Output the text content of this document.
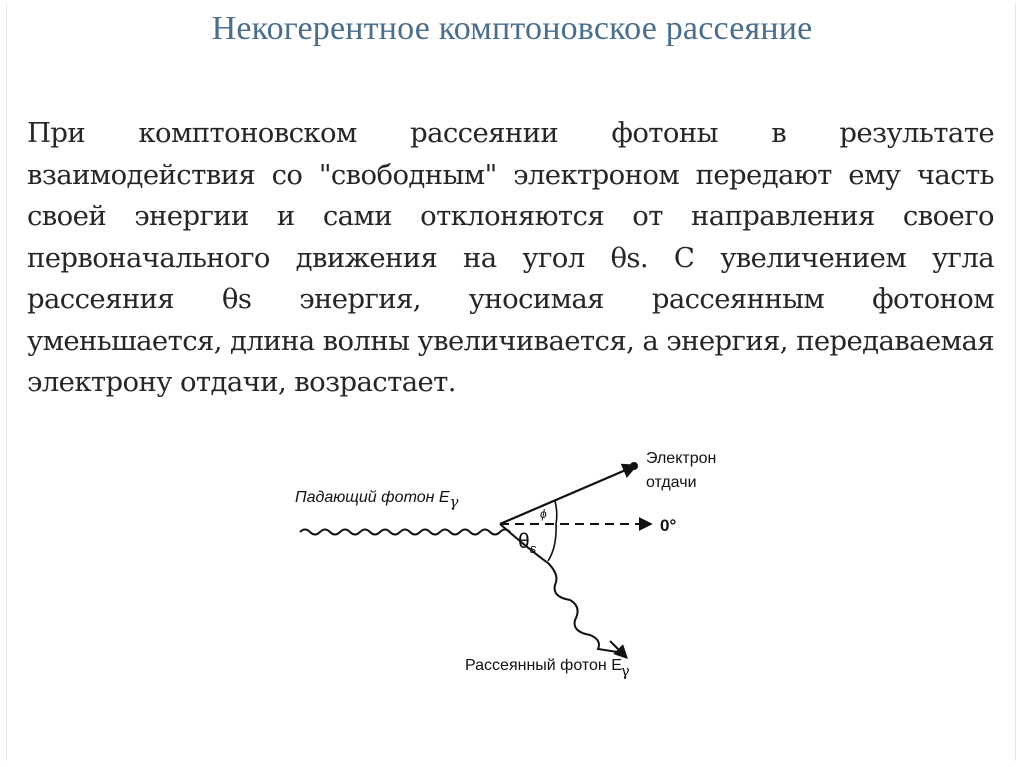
Некогерентное комптоновское рассеяние
При комптоновском рассеянии фотоны в результате взаимодействия со "свободным" электроном передают ему часть своей энергии и сами отклоняются от направления своего первоначального движения на угол θs. С увеличением угла рассеяния θs энергия, уносимая рассеянным фотоном уменьшается, длина волны увеличивается, а энергия, передаваемая электрону отдачи, возрастает.
Падающий фотон Eγ
Электрон
отдачи
0°
ϕ
$\theta_s$
Рассеянный фотон E' γ
